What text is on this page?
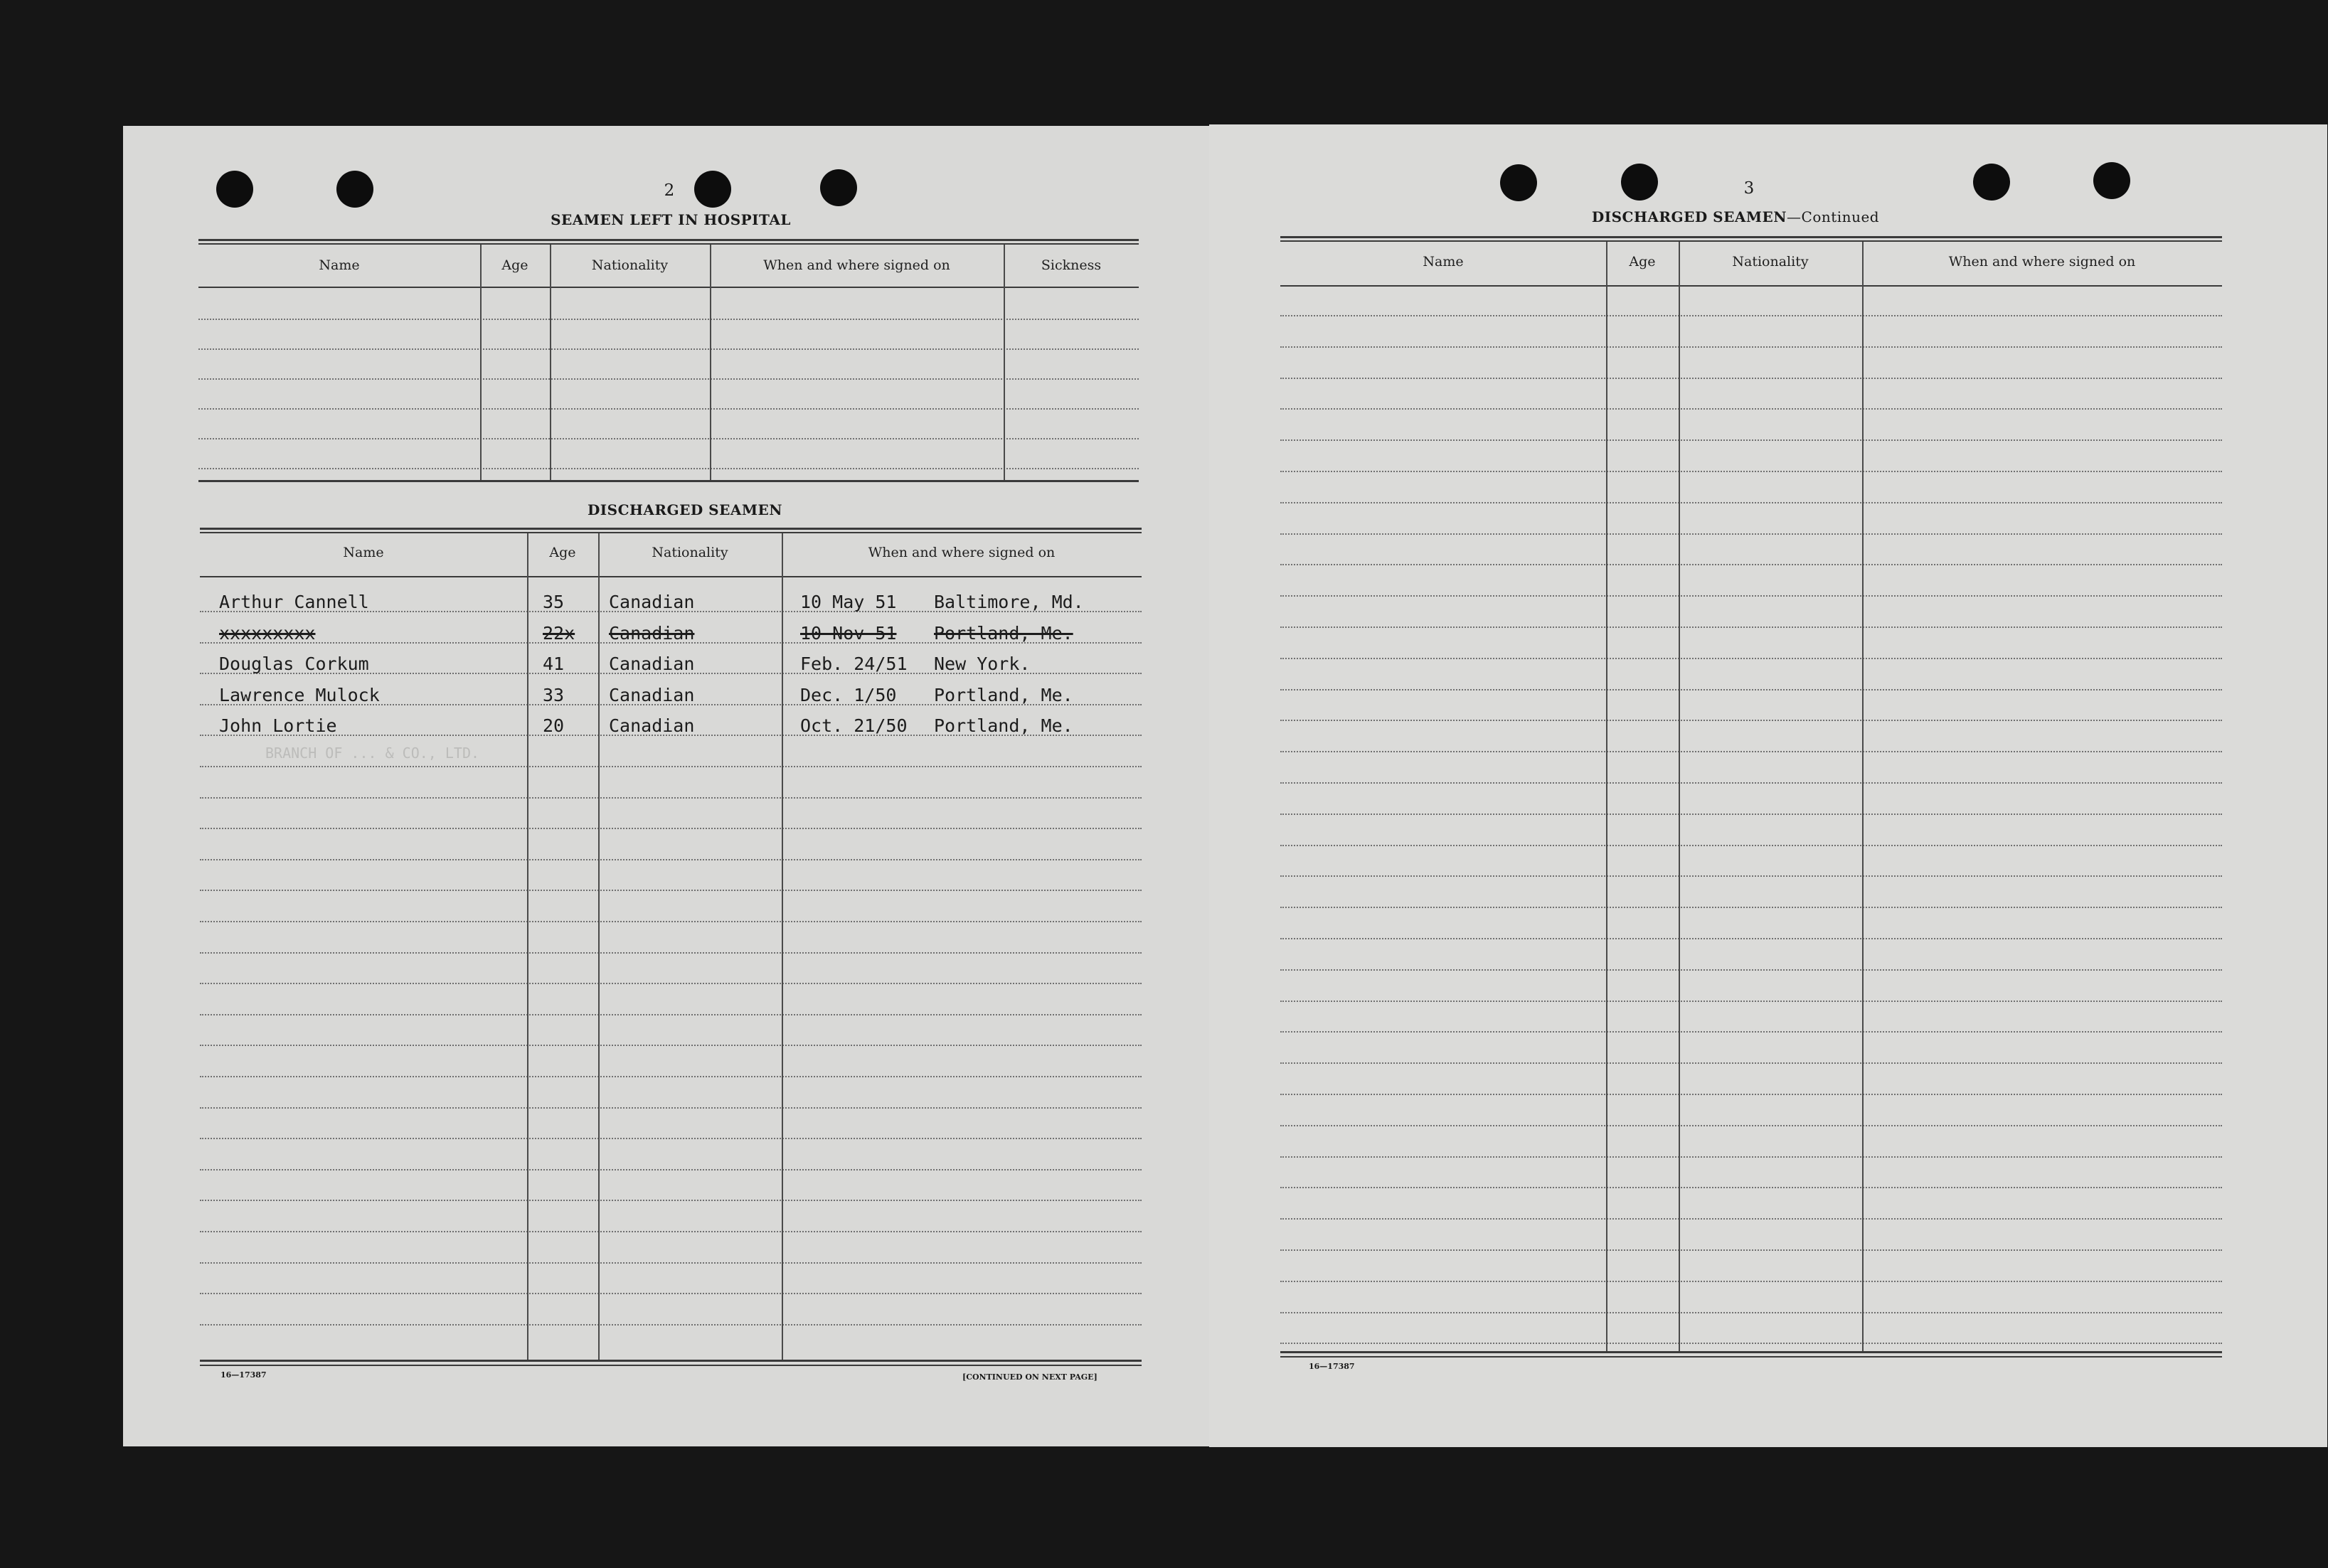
2
SEAMEN LEFT IN HOSPITAL
Name	Age	Nationality	When and where signed on	Sickness
DISCHARGED SEAMEN
Name	Age	Nationality	When and where signed on
Arthur Cannell	35	Canadian	10 May 51 Baltimore, Md.
xxxxxxxxx	22x Canadian	10 Nov 51 Portland, Me.
Douglas Corkum	41	Canadian	Feb. 24/51 New York.
Lawrence Mulock	33	Canadian	Dec. 1/50 Portland, Me.
John Lortie	20	Canadian	Oct. 21/50 Portland, Me.
BRANCH OF ... & CO., LTD.
16—17387	[CONTINUED ON NEXT PAGE]
3
DISCHARGED SEAMEN—Continued
Name	Age	Nationality	When and where signed on
16—17387
